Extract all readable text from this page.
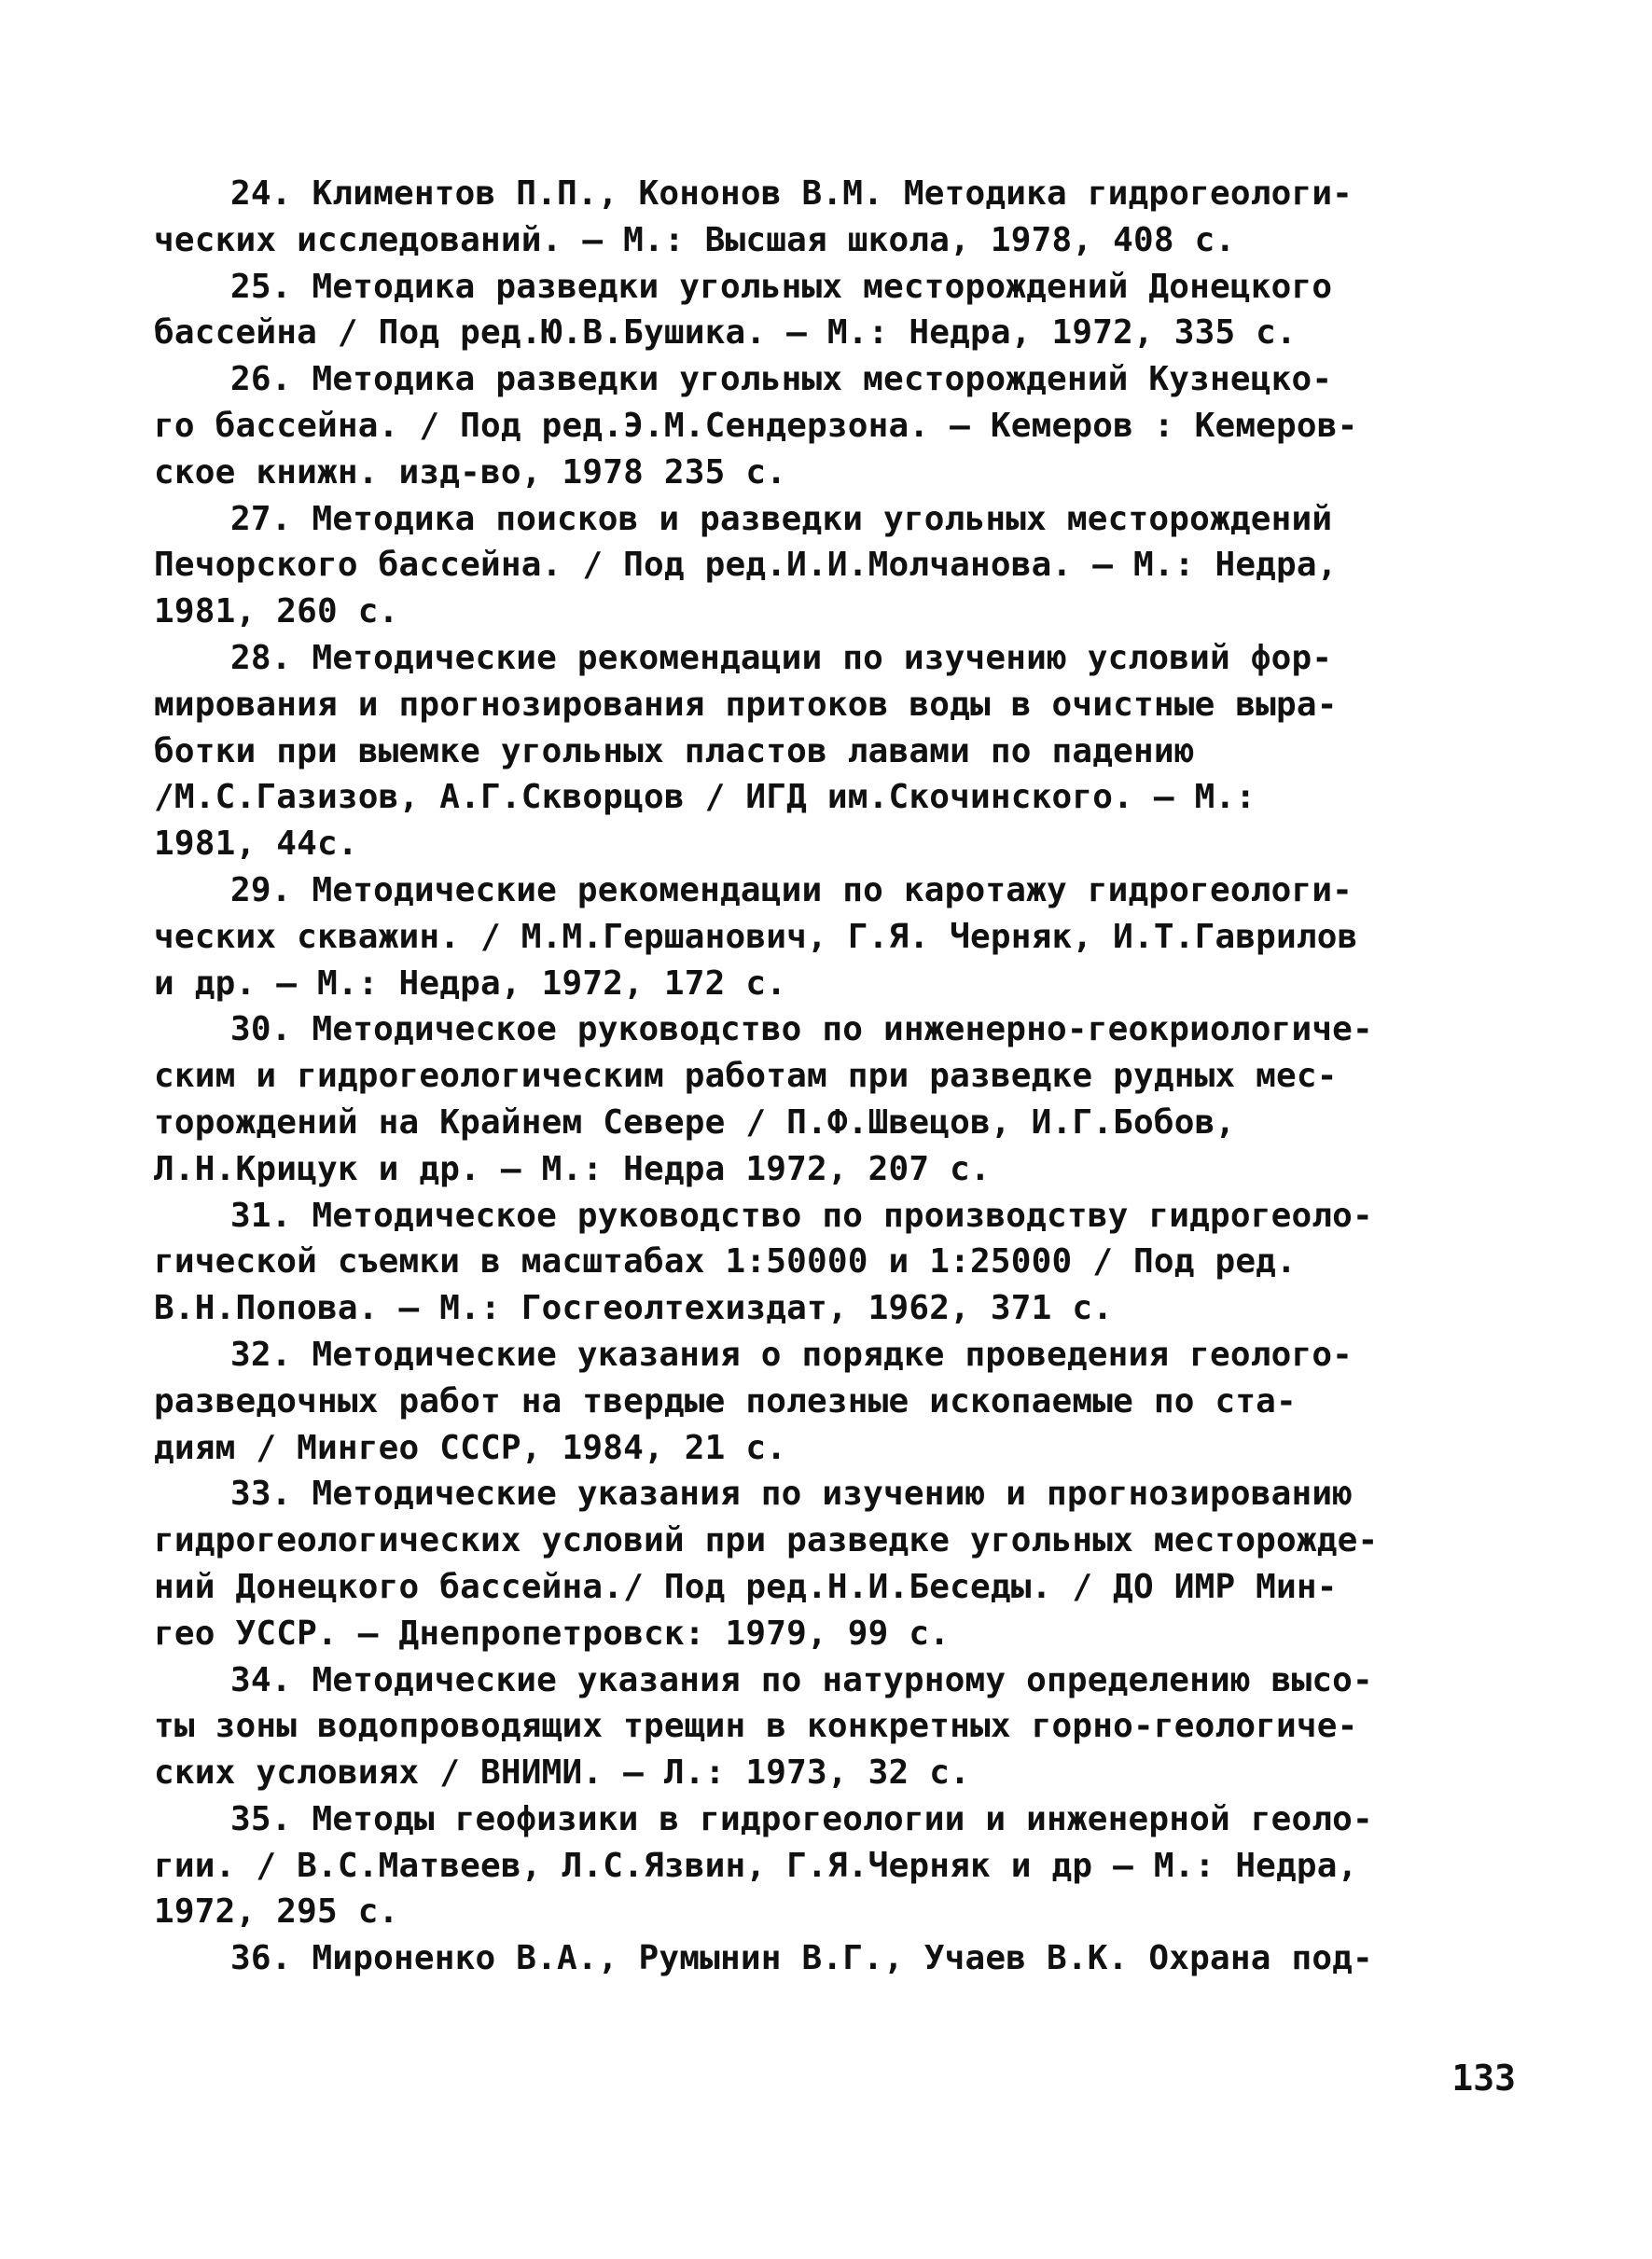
24. Климентов П.П., Кононов В.М. Методика гидрогеологи-
ческих исследований. – М.: Высшая школа, 1978, 408 с.
25. Методика разведки угольных месторождений Донецкого
бассейна / Под ред.Ю.В.Бушика. – М.: Недра, 1972, 335 с.
26. Методика разведки угольных месторождений Кузнецко-
го бассейна. / Под ред.Э.М.Сендерзона. – Кемеров : Кемеров-
ское книжн. изд-во, 1978 235 с.
27. Методика поисков и разведки угольных месторождений
Печорского бассейна. / Под ред.И.И.Молчанова. – М.: Недра,
1981, 260 с.
28. Методические рекомендации по изучению условий фор-
мирования и прогнозирования притоков воды в очистные выра-
ботки при выемке угольных пластов лавами по падению
/М.С.Газизов, А.Г.Скворцов / ИГД им.Скочинского. – М.:
1981, 44с.
29. Методические рекомендации по каротажу гидрогеологи-
ческих скважин. / М.М.Гершанович, Г.Я. Черняк, И.Т.Гаврилов
и др. – М.: Недра, 1972, 172 с.
30. Методическое руководство по инженерно-геокриологиче-
ским и гидрогеологическим работам при разведке рудных мес-
торождений на Крайнем Севере / П.Ф.Швецов, И.Г.Бобов,
Л.Н.Крицук и др. – М.: Недра 1972, 207 с.
31. Методическое руководство по производству гидрогеоло-
гической съемки в масштабах 1:50000 и 1:25000 / Под ред.
В.Н.Попова. – М.: Госгеолтехиздат, 1962, 371 с.
32. Методические указания о порядке проведения геолого-
разведочных работ на твердые полезные ископаемые по ста-
диям / Мингео СССР, 1984, 21 с.
33. Методические указания по изучению и прогнозированию
гидрогеологических условий при разведке угольных месторожде-
ний Донецкого бассейна./ Под ред.Н.И.Беседы. / ДО ИМР Мин-
гео УССР. – Днепропетровск: 1979, 99 с.
34. Методические указания по натурному определению высо-
ты зоны водопроводящих трещин в конкретных горно-геологиче-
ских условиях / ВНИМИ. – Л.: 1973, 32 с.
35. Методы геофизики в гидрогеологии и инженерной геоло-
гии. / В.С.Матвеев, Л.С.Язвин, Г.Я.Черняк и др – М.: Недра,
1972, 295 с.
36. Мироненко В.А., Румынин В.Г., Учаев В.К. Охрана под-
133
